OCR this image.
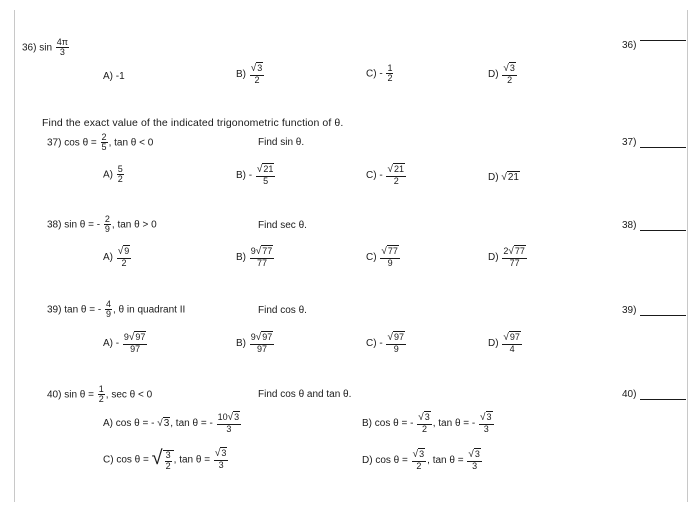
36) $\sin \frac{4\pi}{3}$	36)
A) -1	$B) \frac{√3}{2}$	$C) - \frac{1}{2}$	$D) \frac{√3}{2}$
Find the exact value of the indicated trigonometric function of θ.
37) $\cos \theta = \frac{2}{5}$ , tan θ < 0	Find sin θ.	37)
$A) \frac{5}{2}$	$B) - \frac{√21}{5}$	$C) - \frac{√21}{2}$	D) √21
38) sin θ = - $\frac{2}{9}$ , tan θ > 0	Find sec θ.	38)
$A) \frac{√9}{2}$	$B) \frac{9√77}{77}$	$C) \frac{√77}{9}$	$D) \frac{2√77}{77}$
39) tan θ = - $\frac{4}{9}$ , θ in quadrant II	Find cos θ.	39)
$A) - \frac{9√97}{97}$	$B) \frac{9√97}{97}$	$C) - \frac{√97}{9}$	$D) \frac{√97}{4}$
40) $\sin \theta = \frac{1}{2}$ , sec θ < 0	Find cos θ and tan θ.	40)
A) cos θ = - √3, tan θ = - $\frac{10√3}{3}$	B) cos θ = - $\frac{√3}{2}$ , tan θ = - $\frac{√3}{3}$
C) cos θ = √ $\frac{3}{2}$ , $\tan \theta = \frac{√3}{3}$	D) $\cos \theta = \frac{√3}{2}$ , $\tan \theta = \frac{√3}{3}$
